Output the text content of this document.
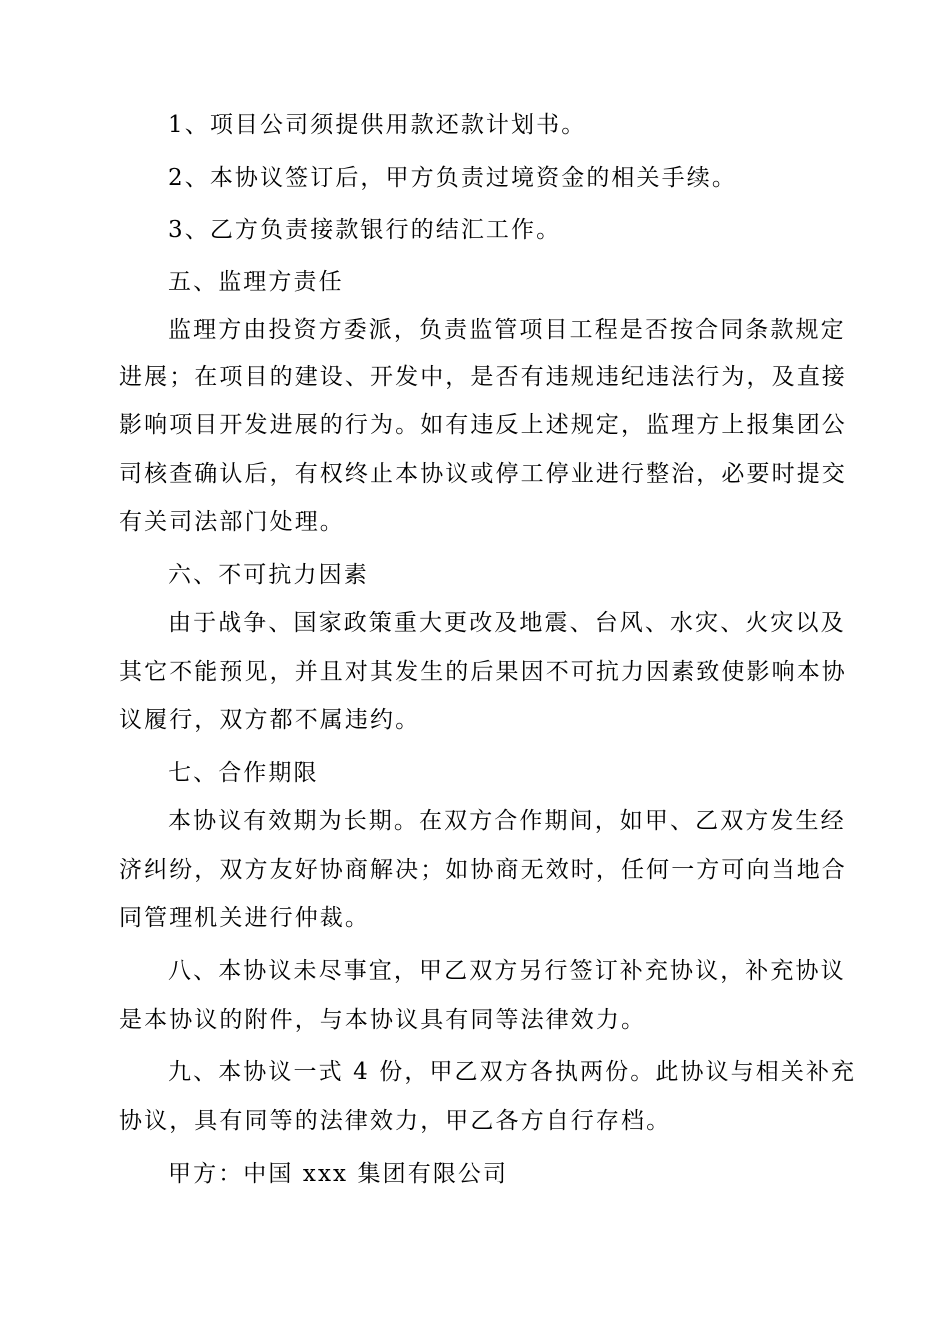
1、项目公司须提供用款还款计划书。
2、本协议签订后，甲方负责过境资金的相关手续。
3、乙方负责接款银行的结汇工作。
五、监理方责任
监理方由投资方委派，负责监管项目工程是否按合同条款规定
进展；在项目的建设、开发中，是否有违规违纪违法行为，及直接
影响项目开发进展的行为。如有违反上述规定，监理方上报集团公
司核查确认后，有权终止本协议或停工停业进行整治，必要时提交
有关司法部门处理。
六、不可抗力因素
由于战争、国家政策重大更改及地震、台风、水灾、火灾以及
其它不能预见，并且对其发生的后果因不可抗力因素致使影响本协
议履行，双方都不属违约。
七、合作期限
本协议有效期为长期。在双方合作期间，如甲、乙双方发生经
济纠纷，双方友好协商解决；如协商无效时，任何一方可向当地合
同管理机关进行仲裁。
八、本协议未尽事宜，甲乙双方另行签订补充协议，补充协议
是本协议的附件，与本协议具有同等法律效力。
九、本协议一式 4 份，甲乙双方各执两份。此协议与相关补充
协议，具有同等的法律效力，甲乙各方自行存档。
甲方：中国 xxx 集团有限公司
